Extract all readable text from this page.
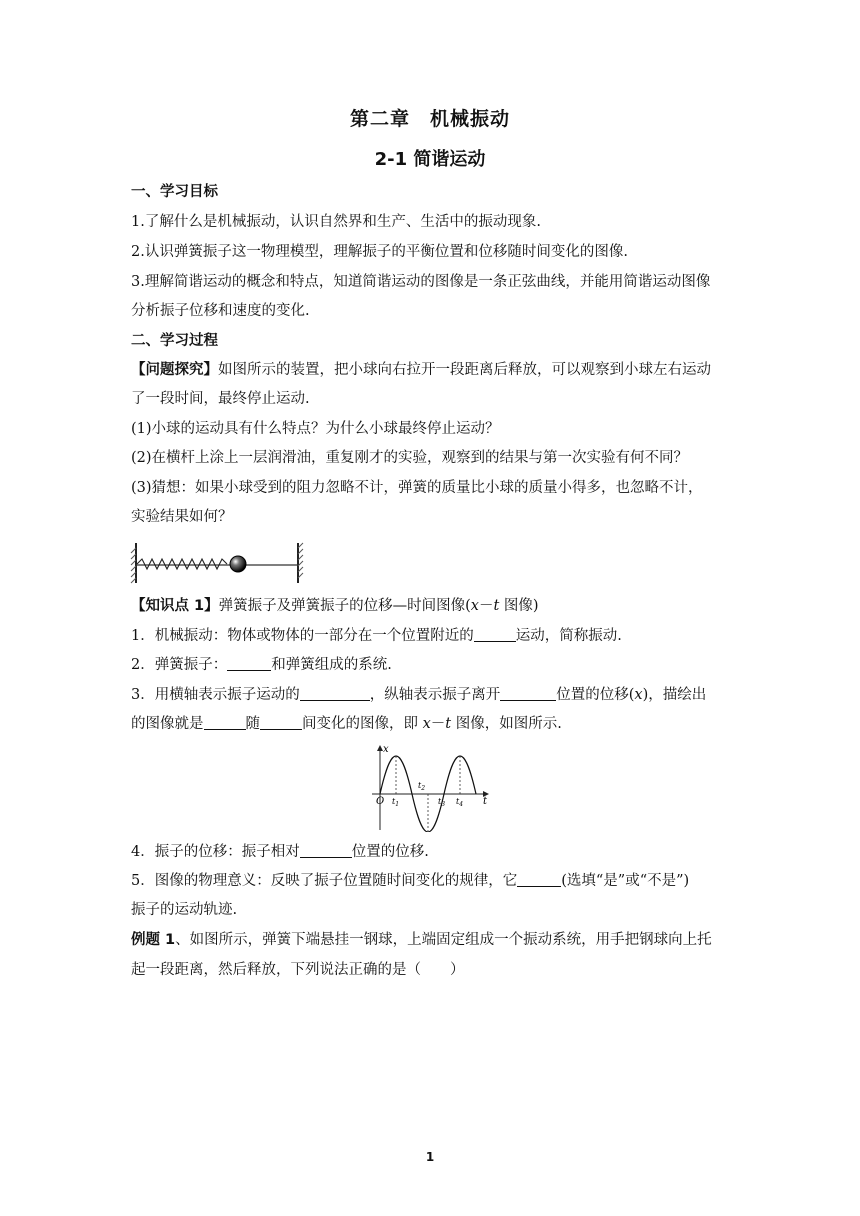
第二章　机械振动
2-1 简谐运动
一、学习目标
1.了解什么是机械振动，认识自然界和生产、生活中的振动现象.
2.认识弹簧振子这一物理模型，理解振子的平衡位置和位移随时间变化的图像.
3.理解简谐运动的概念和特点，知道简谐运动的图像是一条正弦曲线，并能用简谐运动图像
分析振子位移和速度的变化.
二、学习过程
【问题探究】如图所示的装置，把小球向右拉开一段距离后释放，可以观察到小球左右运动
了一段时间，最终停止运动.
(1)小球的运动具有什么特点？为什么小球最终停止运动？
(2)在横杆上涂上一层润滑油，重复刚才的实验，观察到的结果与第一次实验有何不同？
(3)猜想：如果小球受到的阻力忽略不计，弹簧的质量比小球的质量小得多，也忽略不计，
实验结果如何？
【知识点 1】弹簧振子及弹簧振子的位移—时间图像(x－t 图像)
1．机械振动：物体或物体的一部分在一个位置附近的	运动，简称振动.
2．弹簧振子：	和弹簧组成的系统.
3．用横轴表示振子运动的	，纵轴表示振子离开	位置的位移(x)，描绘出
的图像就是	随	间变化的图像，即 x－t 图像，如图所示.
O
x
t
$t_1$
$t_2$
$t_3$ $t_4$
4．振子的位移：振子相对	位置的位移.
5．图像的物理意义：反映了振子位置随时间变化的规律，它	(选填“是”或“不是”)
振子的运动轨迹.
例题 1、如图所示，弹簧下端悬挂一钢球，上端固定组成一个振动系统，用手把钢球向上托
起一段距离，然后释放，下列说法正确的是（　　）
1
